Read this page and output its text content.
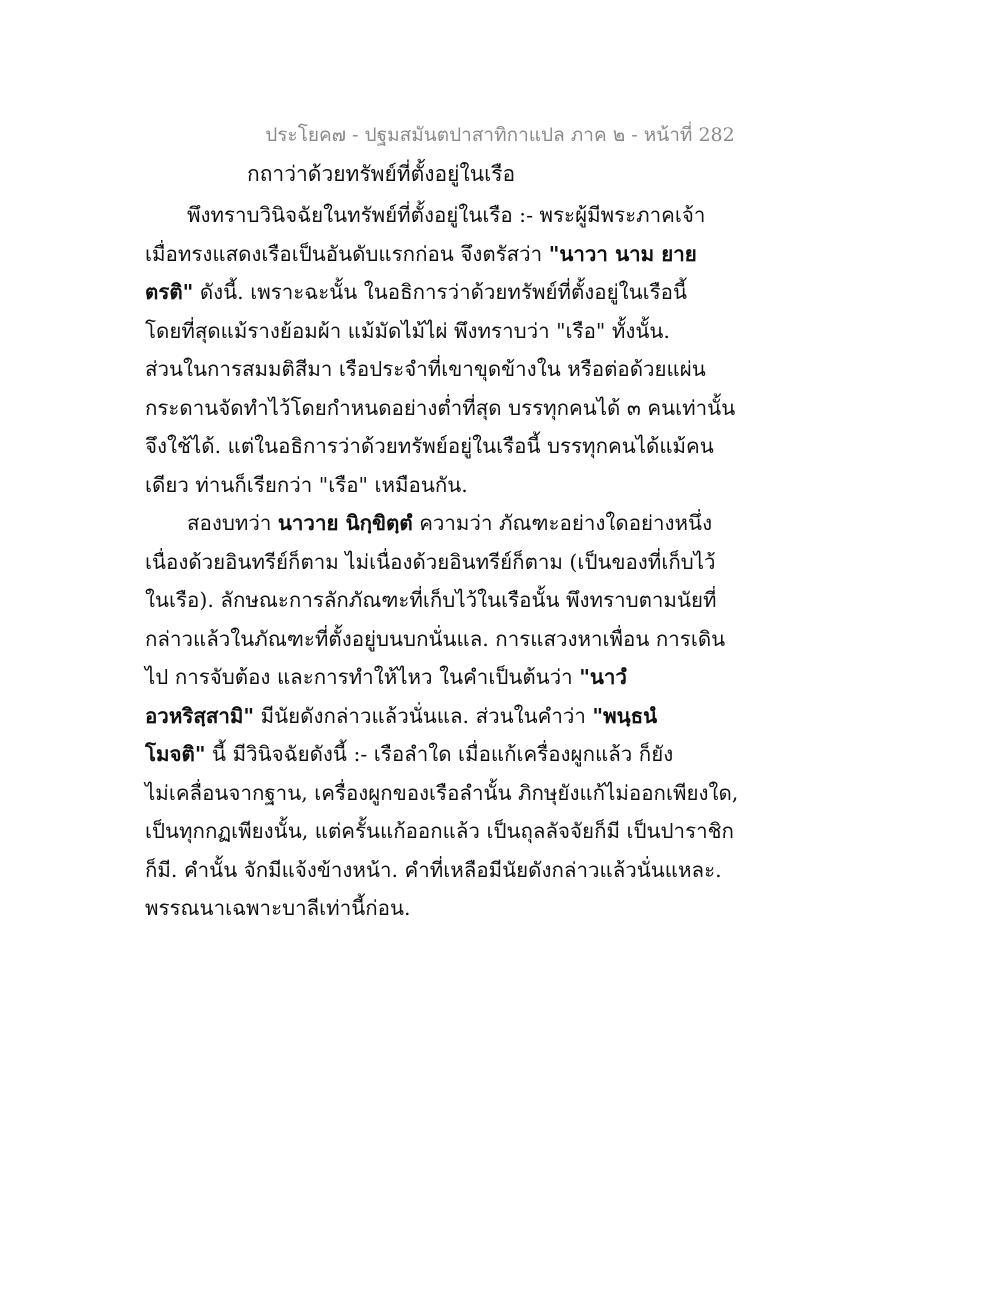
ประโยค๗ - ปฐมสมันตปาสาทิกาแปล ภาค ๒ - หน้าที่ 282
กถาว่าด้วยทรัพย์ที่ตั้งอยู่ในเรือ
พึงทราบวินิจฉัยในทรัพย์ที่ตั้งอยู่ในเรือ :- พระผู้มีพระภาคเจ้า
เมื่อทรงแสดงเรือเป็นอันดับแรกก่อน จึงตรัสว่า "นาวา นาม ยาย
ตรติ" ดังนี้. เพราะฉะนั้น ในอธิการว่าด้วยทรัพย์ที่ตั้งอยู่ในเรือนี้
โดยที่สุดแม้รางย้อมผ้า แม้มัดไม้ไผ่ พึงทราบว่า "เรือ" ทั้งนั้น.
ส่วนในการสมมติสีมา เรือประจำที่เขาขุดข้างใน หรือต่อด้วยแผ่น
กระดานจัดทำไว้โดยกำหนดอย่างต่ำที่สุด บรรทุกคนได้ ๓ คนเท่านั้น
จึงใช้ได้. แต่ในอธิการว่าด้วยทรัพย์อยู่ในเรือนี้ บรรทุกคนได้แม้คน
เดียว ท่านก็เรียกว่า "เรือ" เหมือนกัน.
สองบทว่า นาวาย นิกฺขิตฺตํ ความว่า ภัณฑะอย่างใดอย่างหนึ่ง
เนื่องด้วยอินทรีย์ก็ตาม ไม่เนื่องด้วยอินทรีย์ก็ตาม (เป็นของที่เก็บไว้
ในเรือ). ลักษณะการลักภัณฑะที่เก็บไว้ในเรือนั้น พึงทราบตามนัยที่
กล่าวแล้วในภัณฑะที่ตั้งอยู่บนบกนั่นแล. การแสวงหาเพื่อน การเดิน
ไป การจับต้อง และการทำให้ไหว ในคำเป็นต้นว่า "นาวํ
อวหริสฺสามิ" มีนัยดังกล่าวแล้วนั่นแล. ส่วนในคำว่า "พนฺธนํ
โมจติ" นี้ มีวินิจฉัยดังนี้ :- เรือลำใด เมื่อแก้เครื่องผูกแล้ว ก็ยัง
ไม่เคลื่อนจากฐาน, เครื่องผูกของเรือลำนั้น ภิกษุยังแก้ไม่ออกเพียงใด,
เป็นทุกกฏเพียงนั้น, แต่ครั้นแก้ออกแล้ว เป็นถุลลัจจัยก็มี เป็นปาราชิก
ก็มี. คำนั้น จักมีแจ้งข้างหน้า. คำที่เหลือมีนัยดังกล่าวแล้วนั่นแหละ.
พรรณนาเฉพาะบาลีเท่านี้ก่อน.
